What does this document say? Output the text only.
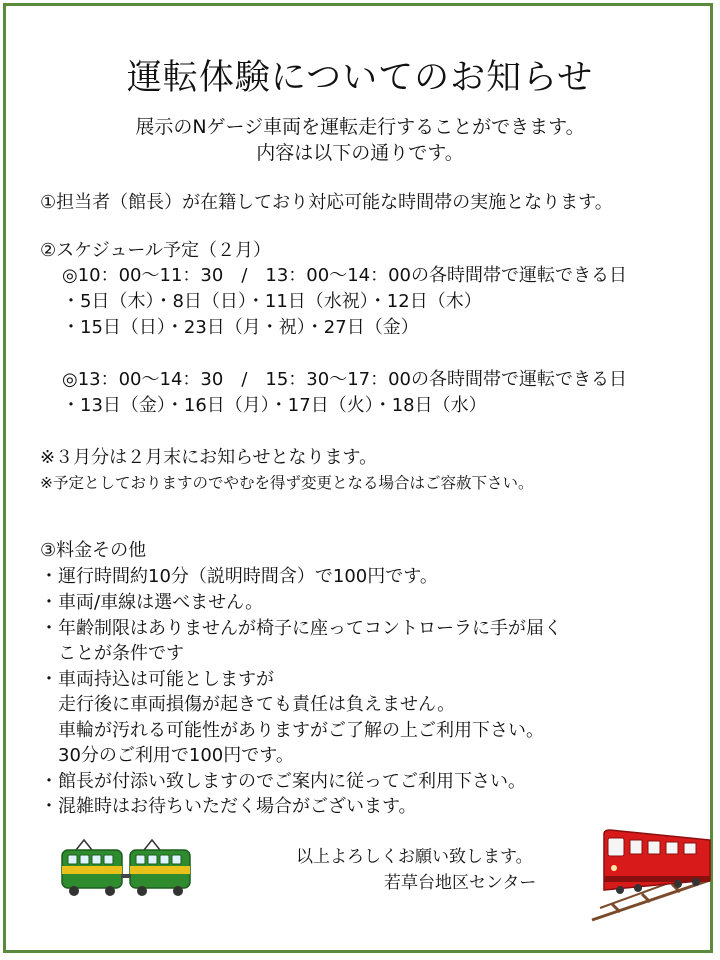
運転体験についてのお知らせ
展示のNゲージ車両を運転走行することができます。
内容は以下の通りです。
①担当者（館長）が在籍しており対応可能な時間帯の実施となります。
②スケジュール予定（２月）
◎10：00～11：30　/　13：00～14：00の各時間帯で運転できる日
・5日（木）・8日（日）・11日（水祝）・12日（木）
・15日（日）・23日（月・祝）・27日（金）
◎13：00～14：30　/　15：30～17：00の各時間帯で運転できる日
・13日（金）・16日（月）・17日（火）・18日（水）
※３月分は２月末にお知らせとなります。
※予定としておりますのでやむを得ず変更となる場合はご容赦下さい。
③料金その他
・運行時間約10分（説明時間含）で100円です。
・車両/車線は選べません。
・年齢制限はありませんが椅子に座ってコントローラに手が届く
　ことが条件です
・車両持込は可能としますが
　走行後に車両損傷が起きても責任は負えません。
　車輪が汚れる可能性がありますがご了解の上ご利用下さい。
　30分のご利用で100円です。
・館長が付添い致しますのでご案内に従ってご利用下さい。
・混雑時はお待ちいただく場合がございます。
以上よろしくお願い致します。
若草台地区センター
